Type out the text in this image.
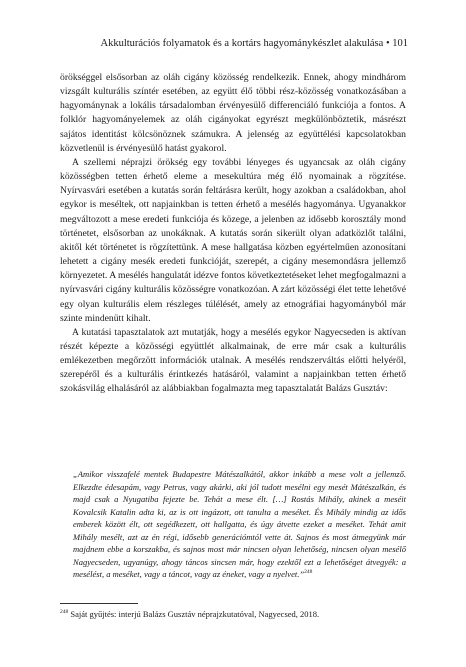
Akkulturációs folyamatok és a kortárs hagyománykészlet alakulása • 101

örökséggel elsősorban az oláh cigány közösség rendelkezik. Ennek, ahogy mindhárom vizsgált kulturális színtér esetében, az együtt élő többi rész-közösség vonatkozásában a hagyománynak a lokális társadalomban érvényesülő differenciáló funkciója a fontos. A folklór hagyományelemek az oláh cigányokat egyrészt megkülönböztetik, másrészt sajátos identitást kölcsönöznek számukra. A jelenség az együttélési kapcsolatokban közvetlenül is érvényesülő hatást gyakorol.

A szellemi néprajzi örökség egy további lényeges és ugyancsak az oláh cigány közösségben tetten érhető eleme a mesekultúra még élő nyomainak a rögzítése. Nyírvasvári esetében a kutatás során feltárásra került, hogy azokban a családokban, ahol egykor is meséltek, ott napjainkban is tetten érhető a mesélés hagyománya. Ugyanakkor megváltozott a mese eredeti funkciója és közege, a jelenben az idősebb korosztály mond történetet, elsősorban az unokáknak. A kutatás során sikerült olyan adatközlőt találni, akitől két történetet is rögzítettünk. A mese hallgatása közben egyértelműen azonosítani lehetett a cigány mesék eredeti funkcióját, szerepét, a cigány mesemondásra jellemző környezetet. A mesélés hangulatát idézve fontos következtetéseket lehet megfogalmazni a nyírvasvári cigány kulturális közösségre vonatkozóan. A zárt közösségi élet tette lehetővé egy olyan kulturális elem részleges túlélését, amely az etnográfiai hagyományból már szinte mindenütt kihalt.

A kutatási tapasztalatok azt mutatják, hogy a mesélés egykor Nagyecseden is aktívan részét képezte a közösségi együttlét alkalmainak, de erre már csak a kulturális emlékezetben megőrzött információk utalnak. A mesélés rendszerváltás előtti helyéről, szerepéről és a kulturális érintkezés hatásáról, valamint a napjainkban tetten érhető szokásvilág elhalásáról az alábbiakban fogalmazta meg tapasztalatát Balázs Gusztáv:

„Amikor visszafelé mentek Budapestre Mátészalkától, akkor inkább a mese volt a jellemző. Elkezdte édesapám, vagy Petrus, vagy akárki, aki jól tudott mesélni egy mesét Mátészalkán, és majd csak a Nyugatiba fejezte be. Tehát a mese élt. […] Rostás Mihály, akinek a meséit Kovalcsik Katalin adta ki, az is ott ingázott, ott tanulta a meséket. És Mihály mindig az idős emberek között élt, ott segédkezett, ott hallgatta, és úgy átvette ezeket a meséket. Tehát amit Mihály mesélt, azt az én régi, idősebb generációmtól vette át. Sajnos és most átmegyünk már majdnem ebbe a korszakba, és sajnos most már nincsen olyan lehetőség, nincsen olyan mesélő Nagyecseden, ugyanúgy, ahogy táncos sincsen már, hogy ezektől ezt a lehetőséget átvegyék: a mesélést, a meséket, vagy a táncot, vagy az éneket, vagy a nyelvet.”$^{248}$

$^{248}$ Saját gyűjtés: interjú Balázs Gusztáv néprajzkutatóval, Nagyecsed, 2018.
